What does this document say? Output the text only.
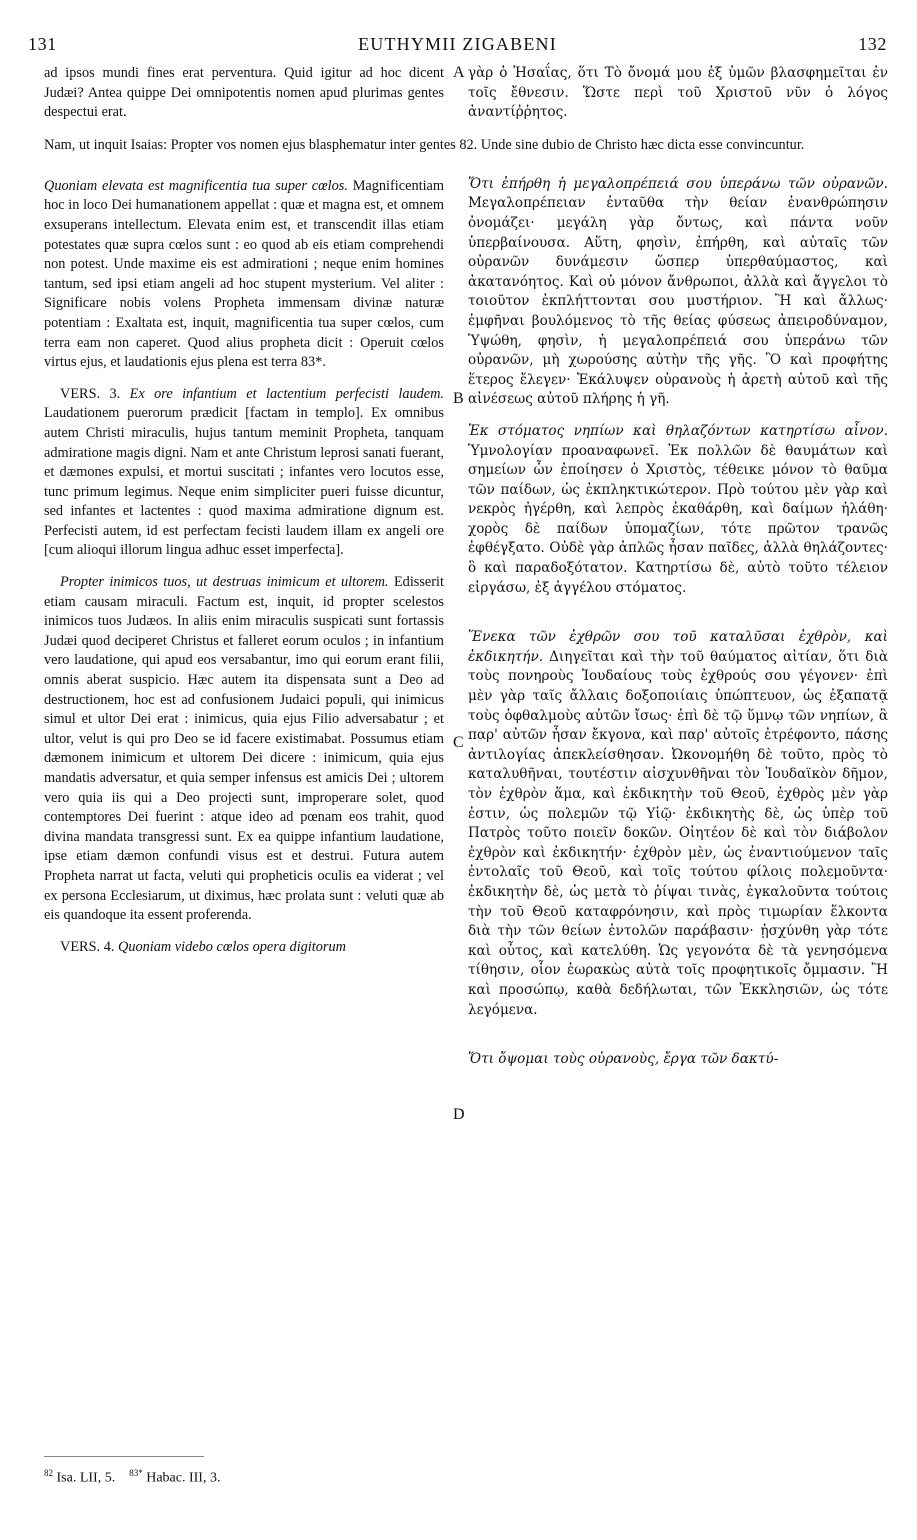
131	EUTHYMII ZIGABENI	132

ad ipsos mundi fines erat perventura. Quid igitur ad hoc dicent Judæi? Antea quippe Dei omnipotentis nomen apud plurimas gentes despectui erat.

Quoniam elevata est magnificentia tua super cœlos. Magnificentiam hoc in loco Dei humanationem appellat : quæ et magna est, et omnem exsuperans intellectum. Elevata enim est, et transcendit illas etiam potestates quæ supra cœlos sunt : eo quod ab eis etiam comprehendi non potest. Unde maxime eis est admirationi ; neque enim homines tantum, sed ipsi etiam angeli ad hoc stupent mysterium. Vel aliter : Significare nobis volens Propheta immensam divinæ naturæ potentiam : Exaltata est, inquit, magnificentia tua super cœlos, cum terra eam non caperet. Quod alius propheta dicit : Operuit cœlos virtus ejus, et laudationis ejus plena est terra 83*.

VERS. 3. Ex ore infantium et lactentium perfecisti laudem. Laudationem puerorum prædicit [factam in templo]. Ex omnibus autem Christi miraculis, hujus tantum meminit Propheta, tanquam admiratione magis digni. Nam et ante Christum leprosi sanati fuerant, et dæmones expulsi, et mortui suscitati ; infantes vero locutos esse, tunc primum legimus. Neque enim simpliciter pueri fuisse dicuntur, sed infantes et lactentes : quod maxima admiratione dignum est. Perfecisti autem, id est perfectam fecisti laudem illam ex angeli ore [cum alioqui illorum lingua adhuc esset imperfecta].

Propter inimicos tuos, ut destruas inimicum et ultorem. Edisserit etiam causam miraculi. Factum est, inquit, id propter scelestos inimicos tuos Judæos. In aliis enim miraculis suspicati sunt fortassis Judæi quod deciperet Christus et falleret eorum oculos ; in infantium vero laudatione, qui apud eos versabantur, imo qui eorum erant filii, omnis aberat suspicio. Hæc autem ita dispensata sunt a Deo ad destructionem, hoc est ad confusionem Judaici populi, qui inimicus simul et ultor Dei erat : inimicus, quia ejus Filio adversabatur ; et ultor, velut is qui pro Deo se id facere existimabat. Possumus etiam dæmonem inimicum et ultorem Dei dicere : inimicum, quia ejus mandatis adversatur, et quia semper infensus est amicis Dei ; ultorem vero quia iis qui a Deo projecti sunt, improperare solet, quod contemptores Dei fuerint : atque ideo ad pœnam eos trahit, quod divina mandata transgressi sunt. Ex ea quippe infantium laudatione, ipse etiam dæmon confundi visus est et destrui. Futura autem Propheta narrat ut facta, veluti qui propheticis oculis ea viderat ; vel ex persona Ecclesiarum, ut diximus, hæc prolata sunt : veluti quæ ab eis quandoque ita essent proferenda.

VERS. 4. Quoniam videbo cœlos opera digitorum

Nam, ut inquit Isaias: Propter vos nomen ejus blasphematur inter gentes 82. Unde sine dubio de Christo hæc dicta esse convincuntur.

γὰρ ὁ Ἡσαΐας, ὅτι Τὸ ὄνομά μου ἐξ ὑμῶν βλασφημεῖται ἐν τοῖς ἔθνεσιν. Ὥστε περὶ τοῦ Χριστοῦ νῦν ὁ λόγος ἀναντίῤῥητος.

Ὅτι ἐπήρθη ἡ μεγαλοπρέπειά σου ὑπεράνω τῶν οὐρανῶν. Μεγαλοπρέπειαν ἐνταῦθα τὴν θείαν ἐνανθρώπησιν ὀνομάζει· μεγάλη γὰρ ὄντως, καὶ πάντα νοῦν ὑπερβαίνουσα. Αὕτη, φησὶν, ἐπήρθη, καὶ αὐταῖς τῶν οὐρανῶν δυνάμεσιν ὥσπερ ὑπερθαύμαστος, καὶ ἀκατανόητος. Καὶ οὐ μόνον ἄνθρωποι, ἀλλὰ καὶ ἄγγελοι τὸ τοιοῦτον ἐκπλήττονται σου μυστήριον. Ἢ καὶ ἄλλως· ἐμφῆναι βουλόμενος τὸ τῆς θείας φύσεως ἀπειροδύναμον, Ὑψώθη, φησὶν, ἡ μεγαλοπρέπειά σου ὑπεράνω τῶν οὐρανῶν, μὴ χωρούσης αὐτὴν τῆς γῆς. Ὃ καὶ προφήτης ἕτερος ἔλεγεν· Ἐκάλυψεν οὐρανοὺς ἡ ἀρετὴ αὐτοῦ καὶ τῆς αἰνέσεως αὐτοῦ πλήρης ἡ γῆ.

Ἐκ στόματος νηπίων καὶ θηλαζόντων κατηρτίσω αἶνον. Ὑμνολογίαν προαναφωνεῖ. Ἐκ πολλῶν δὲ θαυμάτων καὶ σημείων ὧν ἐποίησεν ὁ Χριστὸς, τέθεικε μόνον τὸ θαῦμα τῶν παίδων, ὡς ἐκπληκτικώτερον. Πρὸ τούτου μὲν γὰρ καὶ νεκρὸς ἠγέρθη, καὶ λεπρὸς ἐκαθάρθη, καὶ δαίμων ἠλάθη· χορὸς δὲ παίδων ὑπομαζίων, τότε πρῶτον τρανῶς ἐφθέγξατο. Οὐδὲ γὰρ ἁπλῶς ἦσαν παῖδες, ἀλλὰ θηλάζοντες· ὃ καὶ παραδοξότατον. Κατηρτίσω δὲ, αὐτὸ τοῦτο τέλειον εἰργάσω, ἐξ ἀγγέλου στόματος.

Ἕνεκα τῶν ἐχθρῶν σου τοῦ καταλῦσαι ἐχθρὸν, καὶ ἐκδικητήν. Διηγεῖται καὶ τὴν τοῦ θαύματος αἰτίαν, ὅτι διὰ τοὺς πονηροὺς Ἰουδαίους τοὺς ἐχθρούς σου γέγονεν· ἐπὶ μὲν γὰρ ταῖς ἄλλαις δοξοποιίαις ὑπώπτευον, ὡς ἐξαπατᾷ τοὺς ὀφθαλμοὺς αὐτῶν ἴσως· ἐπὶ δὲ τῷ ὕμνῳ τῶν νηπίων, ἃ παρ' αὐτῶν ἦσαν ἔκγονα, καὶ παρ' αὐτοῖς ἐτρέφοντο, πάσης ἀντιλογίας ἀπεκλείσθησαν. Ὠκονομήθη δὲ τοῦτο, πρὸς τὸ καταλυθῆναι, τουτέστιν αἰσχυνθῆναι τὸν Ἰουδαϊκὸν δῆμον, τὸν ἐχθρὸν ἅμα, καὶ ἐκδικητὴν τοῦ Θεοῦ, ἐχθρὸς μὲν γὰρ ἐστιν, ὡς πολεμῶν τῷ Υἱῷ· ἐκδικητὴς δὲ, ὡς ὑπὲρ τοῦ Πατρὸς τοῦτο ποιεῖν δοκῶν. Οἰητέον δὲ καὶ τὸν διάβολον ἐχθρὸν καὶ ἐκδικητήν· ἐχθρὸν μὲν, ὡς ἐναντιούμενον ταῖς ἐντολαῖς τοῦ Θεοῦ, καὶ τοῖς τούτου φίλοις πολεμοῦντα· ἐκδικητὴν δὲ, ὡς μετὰ τὸ ῥίψαι τινὰς, ἐγκαλοῦντα τούτοις τὴν τοῦ Θεοῦ καταφρόνησιν, καὶ πρὸς τιμωρίαν ἕλκοντα διὰ τὴν τῶν θείων ἐντολῶν παράβασιν· ᾐσχύνθη γὰρ τότε καὶ οὗτος, καὶ κατελύθη. Ὡς γεγονότα δὲ τὰ γενησόμενα τίθησιν, οἷον ἑωρακὼς αὐτὰ τοῖς προφητικοῖς ὄμμασιν. Ἢ καὶ προσώπῳ, καθὰ δεδήλωται, τῶν Ἐκκλησιῶν, ὡς τότε λεγόμενα.

Ὅτι ὄψομαι τοὺς οὐρανοὺς, ἔργα τῶν δακτύ-

A
B
C
D
$^{82}$ Isa. LII, 5. $^{83*}$ Habac. III, 3.
